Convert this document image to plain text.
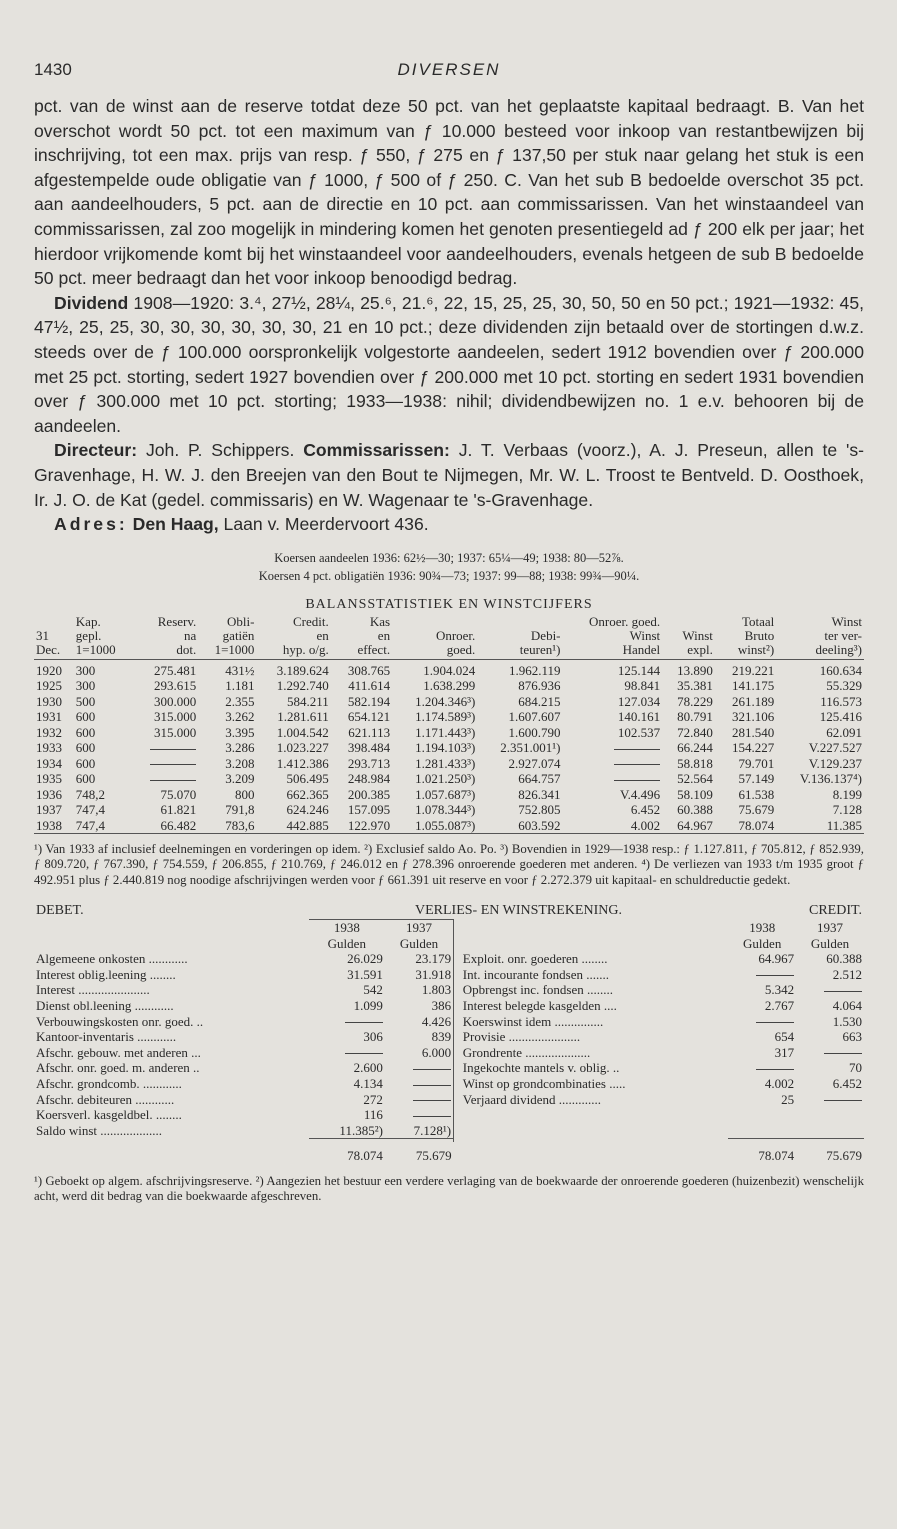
1430	DIVERSEN

pct. van de winst aan de reserve totdat deze 50 pct. van het geplaatste kapitaal bedraagt. B. Van het overschot wordt 50 pct. tot een maximum van ƒ 10.000 besteed voor inkoop van restantbewijzen bij inschrijving, tot een max. prijs van resp. ƒ 550, ƒ 275 en ƒ 137,50 per stuk naar gelang het stuk is een afgestempelde oude obligatie van ƒ 1000, ƒ 500 of ƒ 250. C. Van het sub B bedoelde overschot 35 pct. aan aandeelhouders, 5 pct. aan de directie en 10 pct. aan commissarissen. Van het winstaandeel van commissarissen, zal zoo mogelijk in mindering komen het genoten presentiegeld ad ƒ 200 elk per jaar; het hierdoor vrijkomende komt bij het winstaandeel voor aandeelhouders, evenals hetgeen de sub B bedoelde 50 pct. meer bedraagt dan het voor inkoop benoodigd bedrag.

Dividend 1908—1920: 3.⁴, 27½, 28¼, 25.⁶, 21.⁶, 22, 15, 25, 25, 30, 50, 50 en 50 pct.; 1921—1932: 45, 47½, 25, 25, 30, 30, 30, 30, 30, 30, 21 en 10 pct.; deze dividenden zijn betaald over de stortingen d.w.z. steeds over de ƒ 100.000 oorspronkelijk volgestorte aandeelen, sedert 1912 bovendien over ƒ 200.000 met 25 pct. storting, sedert 1927 bovendien over ƒ 200.000 met 10 pct. storting en sedert 1931 bovendien over ƒ 300.000 met 10 pct. storting; 1933—1938: nihil; dividendbewijzen no. 1 e.v. behooren bij de aandeelen.

Directeur: Joh. P. Schippers. Commissarissen: J. T. Verbaas (voorz.), A. J. Preseun, allen te 's-Gravenhage, H. W. J. den Breejen van den Bout te Nijmegen, Mr. W. L. Troost te Bentveld. D. Oosthoek, Ir. J. O. de Kat (gedel. commissaris) en W. Wagenaar te 's-Gravenhage.

Adres: Den Haag, Laan v. Meerdervoort 436.

Koersen aandeelen 1936: 62½—30; 1937: 65¼—49; 1938: 80—52⅞.
Koersen 4 pct. obligatiën 1936: 90¾—73; 1937: 99—88; 1938: 99¾—90¼.
BALANSSTATISTIEK EN WINSTCIJFERS
	Kap.	Reserv.	Obli-	Credit.	Kas			Onroer. goed.		Totaal	Winst
31	gepl.	na	gatiën	en	en	Onroer.	Debi-	Winst	Winst	Bruto	ter ver-
Dec.	1=1000	dot.	1=1000	hyp. o/g.	effect.	goed.	teuren¹)	Handel	expl.	winst²)	deeling³)
1920	300	275.481	431½	3.189.624	308.765	1.904.024	1.962.119	125.144	13.890	219.221	160.634
1925	300	293.615	1.181	1.292.740	411.614	1.638.299	876.936	98.841	35.381	141.175	55.329
1930	500	300.000	2.355	584.211	582.194	1.204.346³)	684.215	127.034	78.229	261.189	116.573
1931	600	315.000	3.262	1.281.611	654.121	1.174.589³)	1.607.607	140.161	80.791	321.106	125.416
1932	600	315.000	3.395	1.004.542	621.113	1.171.443³)	1.600.790	102.537	72.840	281.540	62.091
1933	600		3.286	1.023.227	398.484	1.194.103³)	2.351.001¹)		66.244	154.227	V.227.527
1934	600		3.208	1.412.386	293.713	1.281.433³)	2.927.074		58.818	79.701	V.129.237
1935	600		3.209	506.495	248.984	1.021.250³)	664.757		52.564	57.149	V.136.137⁴)
1936	748,2	75.070	800	662.365	200.385	1.057.687³)	826.341	V.4.496	58.109	61.538	8.199
1937	747,4	61.821	791,8	624.246	157.095	1.078.344³)	752.805	6.452	60.388	75.679	7.128
1938	747,4	66.482	783,6	442.885	122.970	1.055.087³)	603.592	4.002	64.967	78.074	11.385

¹) Van 1933 af inclusief deelnemingen en vorderingen op idem. ²) Exclusief saldo Ao. Po. ³) Bovendien in 1929—1938 resp.: ƒ 1.127.811, ƒ 705.812, ƒ 852.939, ƒ 809.720, ƒ 767.390, ƒ 754.559, ƒ 206.855, ƒ 210.769, ƒ 246.012 en ƒ 278.396 onroerende goederen met anderen. ⁴) De verliezen van 1933 t/m 1935 groot ƒ 492.951 plus ƒ 2.440.819 nog noodige afschrijvingen werden voor ƒ 661.391 uit reserve en voor ƒ 2.272.379 uit kapitaal- en schuldreductie gedekt.

DEBET.	VERLIES- EN WINSTREKENING.				CREDIT.	
	1938	1937			1938	1937
	Gulden	Gulden			Gulden	Gulden
Algemeene onkosten ............	26.029	23.179		Exploit. onr. goederen ........	64.967	60.388
Interest oblig.leening ........	31.591	31.918		Int. incourante fondsen .......		2.512
Interest ......................	542	1.803		Opbrengst inc. fondsen ........	5.342	
Dienst obl.leening ............	1.099	386		Interest belegde kasgelden ....	2.767	4.064
Verbouwingskosten onr. goed. ..		4.426		Koerswinst idem ...............		1.530
Kantoor-inventaris ............	306	839		Provisie ......................	654	663
Afschr. gebouw. met anderen ...		6.000		Grondrente ....................	317	
Afschr. onr. goed. m. anderen ..	2.600			Ingekochte mantels v. oblig. ..		70
Afschr. grondcomb. ............	4.134			Winst op grondcombinaties .....	4.002	6.452
Afschr. debiteuren ............	272			Verjaard dividend .............	25	
Koersverl. kasgeldbel. ........	116					
Saldo winst ...................	11.385²)	7.128¹)				

	78.074	75.679			78.074	75.679

¹) Geboekt op algem. afschrijvingsreserve. ²) Aangezien het bestuur een verdere verlaging van de boekwaarde der onroerende goederen (huizenbezit) wenschelijk acht, werd dit bedrag van die boekwaarde afgeschreven.
